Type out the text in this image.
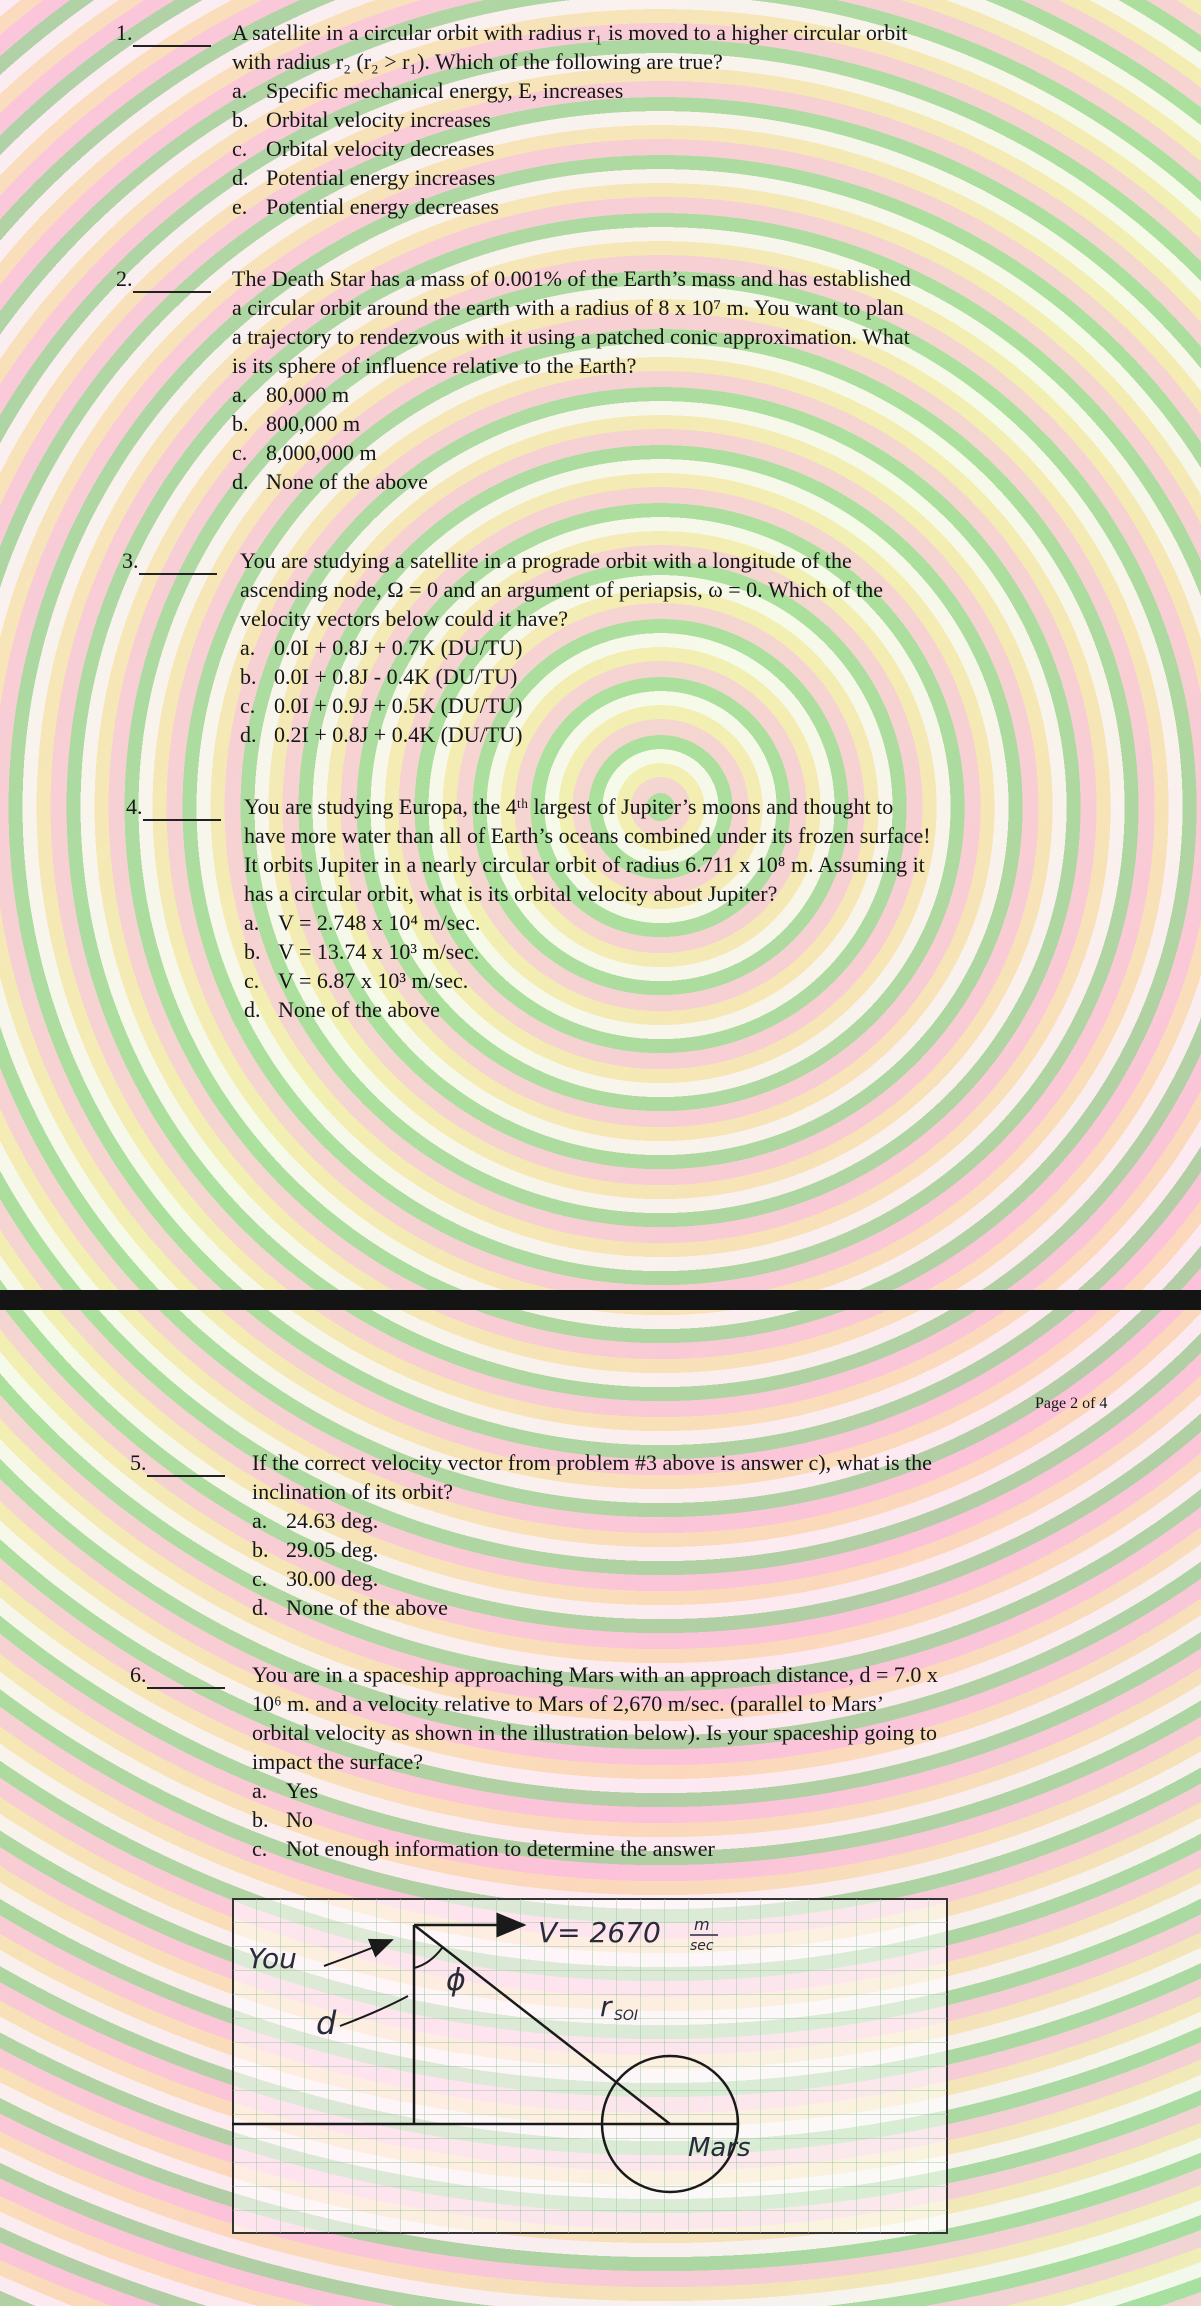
1.	A satellite in a circular orbit with radius r₁ is moved to a higher circular orbit

with radius r₂ (r₂ > r₁). Which of the following are true?

a. Specific mechanical energy, E, increases
b. Orbital velocity increases
c. Orbital velocity decreases
d. Potential energy increases
e. Potential energy decreases
2.	The Death Star has a mass of 0.001% of the Earth’s mass and has established

a circular orbit around the earth with a radius of 8 x 10⁷ m. You want to plan

a trajectory to rendezvous with it using a patched conic approximation. What

is its sphere of influence relative to the Earth?

a. 80,000 m
b. 800,000 m
c. 8,000,000 m
d. None of the above
3.	You are studying a satellite in a prograde orbit with a longitude of the

ascending node, Ω = 0 and an argument of periapsis, ω = 0. Which of the

velocity vectors below could it have?

a. 0.0I + 0.8J + 0.7K (DU/TU)
b. 0.0I + 0.8J - 0.4K (DU/TU)
c. 0.0I + 0.9J + 0.5K (DU/TU)
d. 0.2I + 0.8J + 0.4K (DU/TU)
4.	You are studying Europa, the 4ᵗʰ largest of Jupiter’s moons and thought to

have more water than all of Earth’s oceans combined under its frozen surface!

It orbits Jupiter in a nearly circular orbit of radius 6.711 x 10⁸ m. Assuming it

has a circular orbit, what is its orbital velocity about Jupiter?

a. V = 2.748 x 10⁴ m/sec.
b. V = 13.74 x 10³ m/sec.
c. V = 6.87 x 10³ m/sec.
d. None of the above
Page 2 of 4
5.	If the correct velocity vector from problem #3 above is answer c), what is the

inclination of its orbit?

a. 24.63 deg.
b. 29.05 deg.
c. 30.00 deg.
d. None of the above
6.	You are in a spaceship approaching Mars with an approach distance, d = 7.0 x

10⁶ m. and a velocity relative to Mars of 2,670 m/sec. (parallel to Mars’

orbital velocity as shown in the illustration below). Is your spaceship going to

impact the surface?

a. Yes
b. No
c. Not enough information to determine the answer
You
d
ϕ
V= 2670 m
sec
r SOI
Mars
